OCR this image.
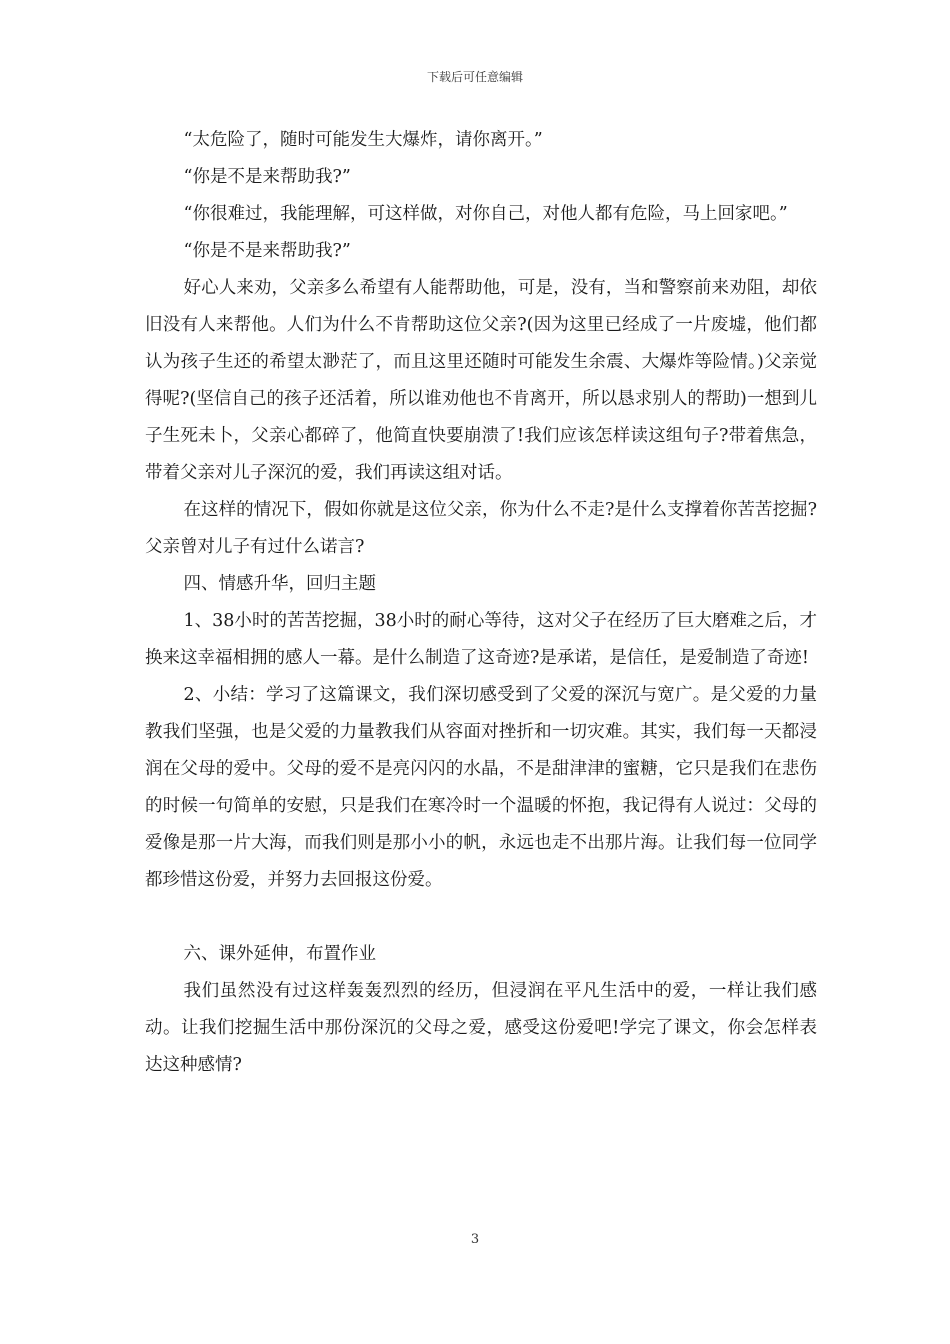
下载后可任意编辑

“太危险了，随时可能发生大爆炸，请你离开。”

“你是不是来帮助我?”

“你很难过，我能理解，可这样做，对你自己，对他人都有危险，马上回家吧。”

“你是不是来帮助我?”

好心人来劝，父亲多么希望有人能帮助他，可是，没有，当和警察前来劝阻，却依旧没有人来帮他。人们为什么不肯帮助这位父亲?(因为这里已经成了一片废墟，他们都认为孩子生还的希望太渺茫了，而且这里还随时可能发生余震、大爆炸等险情。)父亲觉得呢?(坚信自己的孩子还活着，所以谁劝他也不肯离开，所以恳求别人的帮助)一想到儿子生死未卜，父亲心都碎了，他简直快要崩溃了!我们应该怎样读这组句子?带着焦急，带着父亲对儿子深沉的爱，我们再读这组对话。

在这样的情况下，假如你就是这位父亲，你为什么不走?是什么支撑着你苦苦挖掘?父亲曾对儿子有过什么诺言?

四、情感升华，回归主题

1、38小时的苦苦挖掘，38小时的耐心等待，这对父子在经历了巨大磨难之后，才换来这幸福相拥的感人一幕。是什么制造了这奇迹?是承诺，是信任，是爱制造了奇迹!

2、小结：学习了这篇课文，我们深切感受到了父爱的深沉与宽广。是父爱的力量教我们坚强，也是父爱的力量教我们从容面对挫折和一切灾难。其实，我们每一天都浸润在父母的爱中。父母的爱不是亮闪闪的水晶，不是甜津津的蜜糖，它只是我们在悲伤的时候一句简单的安慰，只是我们在寒冷时一个温暖的怀抱，我记得有人说过：父母的爱像是那一片大海，而我们则是那小小的帆，永远也走不出那片海。让我们每一位同学都珍惜这份爱，并努力去回报这份爱。

六、课外延伸，布置作业

我们虽然没有过这样轰轰烈烈的经历，但浸润在平凡生活中的爱，一样让我们感动。让我们挖掘生活中那份深沉的父母之爱，感受这份爱吧!学完了课文，你会怎样表达这种感情?

3
